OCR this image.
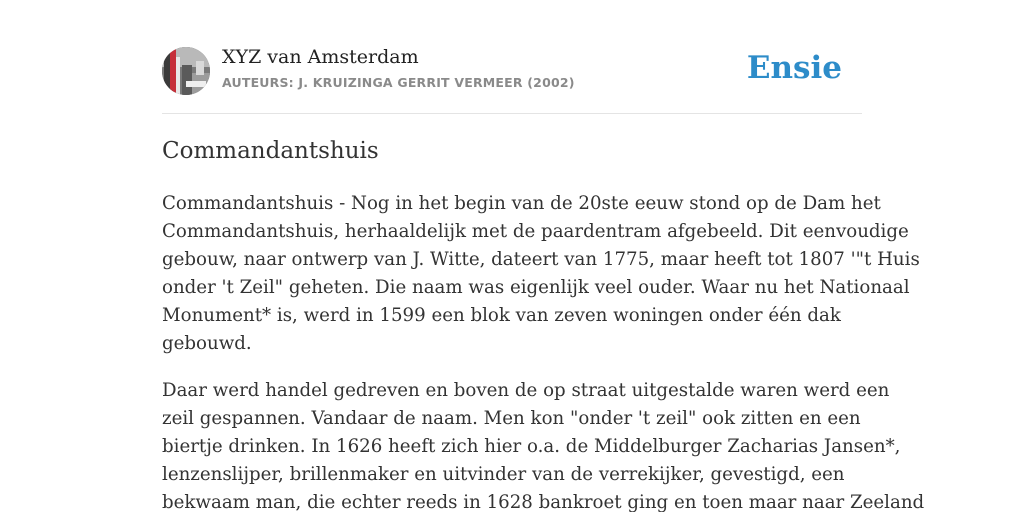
XYZ van Amsterdam
AUTEURS: J. KRUIZINGA GERRIT VERMEER (2002)	Ensie
Commandantshuis

Commandantshuis - Nog in het begin van de 20ste eeuw stond op de Dam het
Commandantshuis, herhaaldelijk met de paardentram afgebeeld. Dit eenvoudige
gebouw, naar ontwerp van J. Witte, dateert van 1775, maar heeft tot 1807 '"t Huis
onder 't Zeil" geheten. Die naam was eigenlijk veel ouder. Waar nu het Nationaal
Monument* is, werd in 1599 een blok van zeven woningen onder één dak
gebouwd.

Daar werd handel gedreven en boven de op straat uitgestalde waren werd een
zeil gespannen. Vandaar de naam. Men kon "onder 't zeil" ook zitten en een
biertje drinken. In 1626 heeft zich hier o.a. de Middelburger Zacharias Jansen*,
lenzenslijper, brillenmaker en uitvinder van de verrekijker, gevestigd, een
bekwaam man, die echter reeds in 1628 bankroet ging en toen maar naar Zeeland
